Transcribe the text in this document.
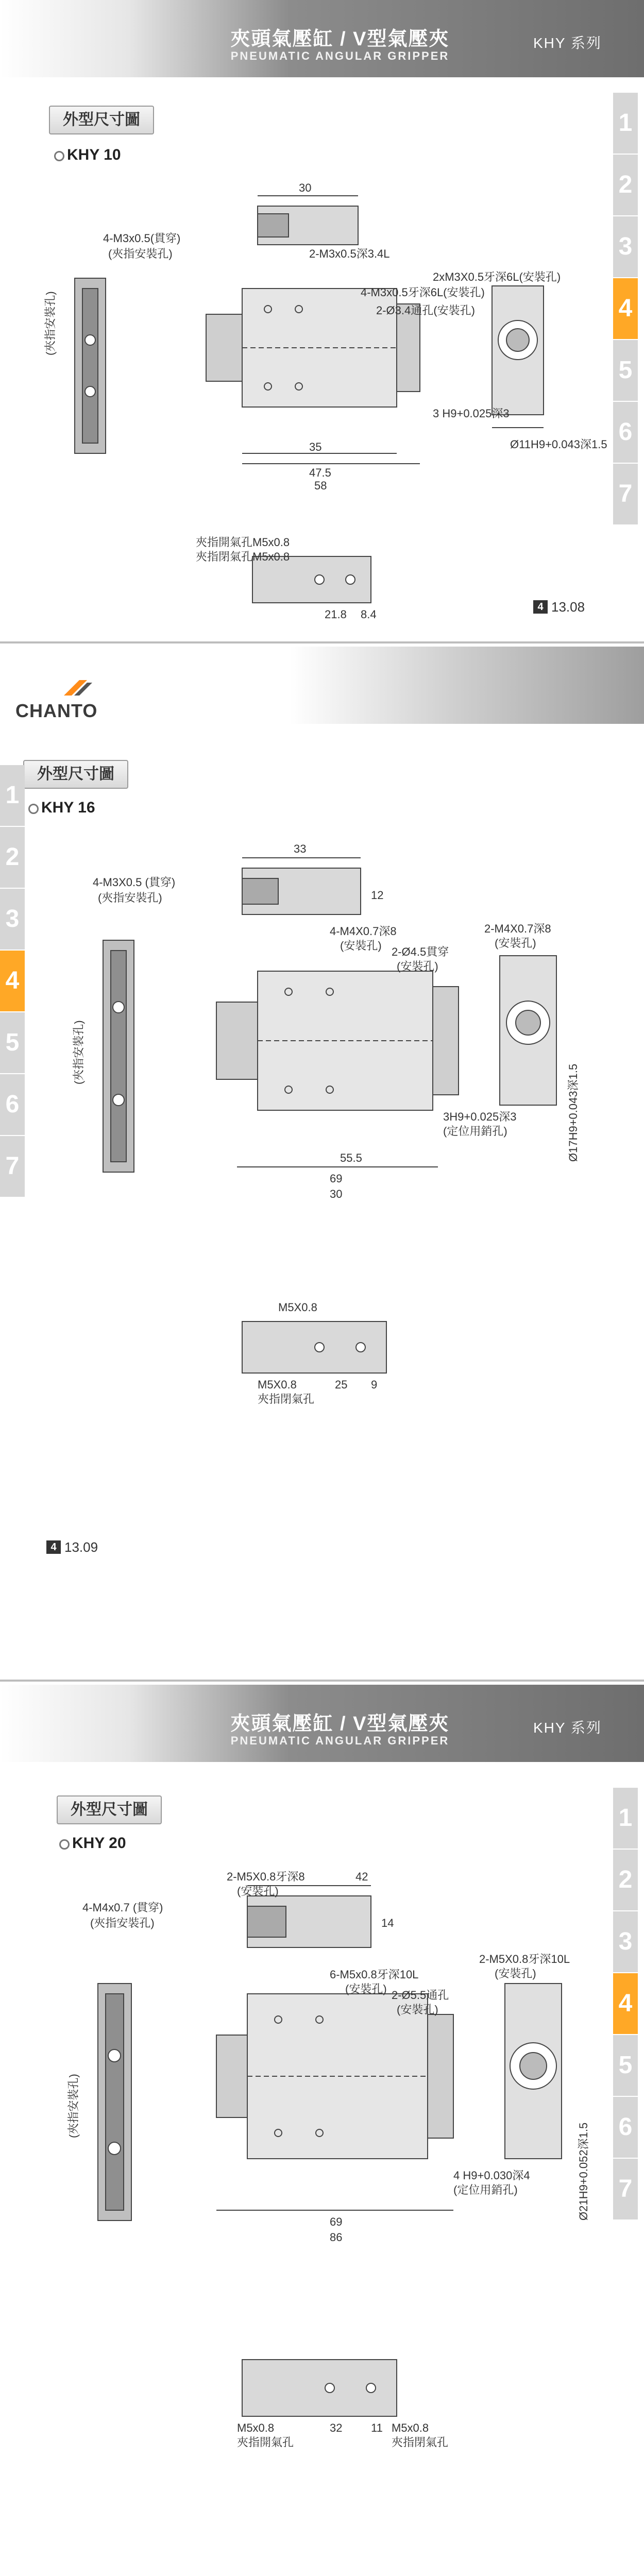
夾頭氣壓缸 / V型氣壓夾
PNEUMATIC ANGULAR GRIPPER
KHY 系列
外型尺寸圖
KHY 10
1
2
3
4
5
6
7
30
2-M3x0.5深3.4L
4-M3x0.5(貫穿)
(夾指安裝孔)
(夾指安裝孔)
2xM3X0.5牙深6L(安裝孔)
4-M3x0.5牙深6L(安裝孔)
2-Ø3.4通孔(安裝孔)
3 H9+0.025深3
Ø11H9+0.043深1.5
35
47.5
58
夾指開氣孔M5x0.8
夾指閉氣孔M5x0.8
21.8 8.4
4 13.08
CHANTO
外型尺寸圖
KHY 16
1
2
3
4
5
6
7
33
12
4-M3X0.5 (貫穿)
(夾指安裝孔)
(夾指安裝孔)
4-M4X0.7深8
(安裝孔) 2-Ø4.5貫穿
(安裝孔)
2-M4X0.7深8
(安裝孔)
3H9+0.025深3
(定位用銷孔)	Ø17H9+0.043深1.5
69
55.5
30
M5X0.8
M5X0.8
夾指閉氣孔
25 9
4 13.09
夾頭氣壓缸 / V型氣壓夾
PNEUMATIC ANGULAR GRIPPER
KHY 系列
外型尺寸圖
KHY 20
1
2
3
4
5
6
7
2-M5X0.8牙深8
(安裝孔)
42
14
4-M4x0.7 (貫穿)
(夾指安裝孔)
(夾指安裝孔)
6-M5x0.8牙深10L
(安裝孔) 2-Ø5.5通孔
(安裝孔)
2-M5X0.8牙深10L
(安裝孔)
4 H9+0.030深4
(定位用銷孔)	Ø21H9+0.052深1.5
69
86
M5x0.8
夾指開氣孔
M5x0.8
夾指閉氣孔
32	11
